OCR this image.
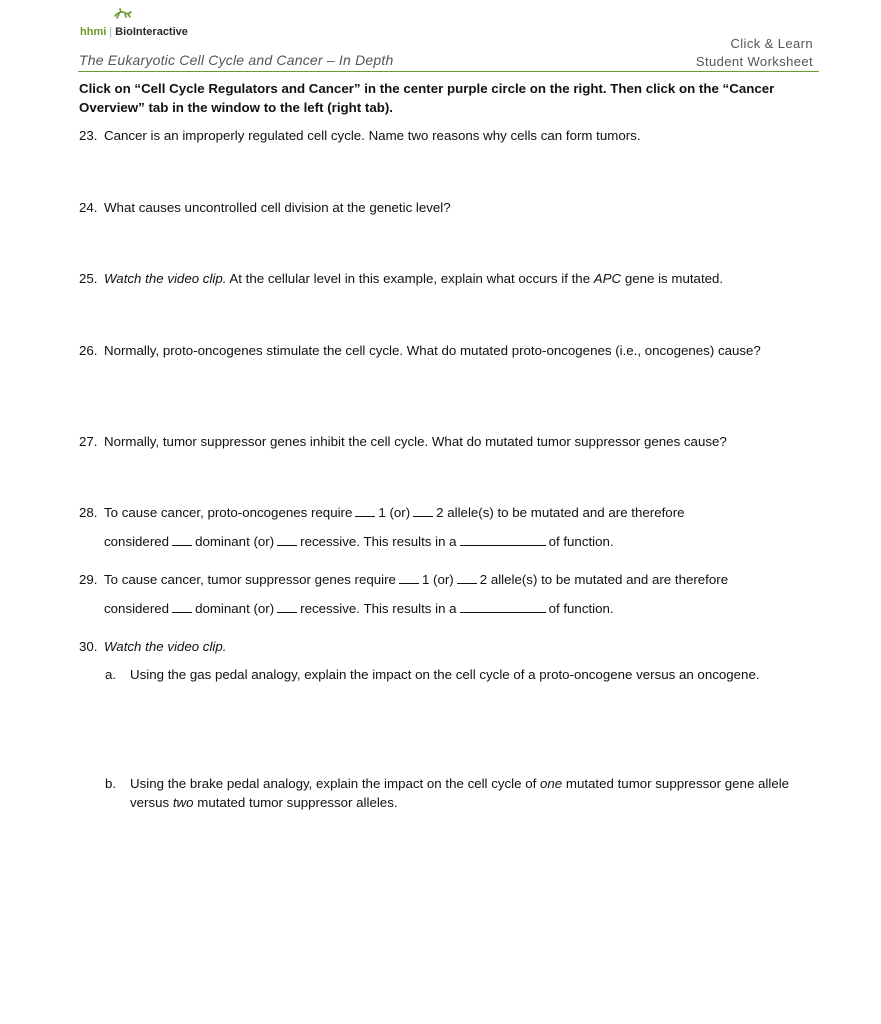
hhmi | BioInteractive
The Eukaryotic Cell Cycle and Cancer – In Depth
Click & Learn
Student Worksheet
Click on “Cell Cycle Regulators and Cancer” in the center purple circle on the right. Then click on the “Cancer Overview” tab in the window to the left (right tab).
23. Cancer is an improperly regulated cell cycle. Name two reasons why cells can form tumors.
24. What causes uncontrolled cell division at the genetic level?
25. Watch the video clip. At the cellular level in this example, explain what occurs if the APC gene is mutated.
26. Normally, proto-oncogenes stimulate the cell cycle. What do mutated proto-oncogenes (i.e., oncogenes) cause?
27. Normally, tumor suppressor genes inhibit the cell cycle. What do mutated tumor suppressor genes cause?
28. To cause cancer, proto-oncogenes require 1 (or) 2 allele(s) to be mutated and are therefore
considered dominant (or) recessive. This results in a	of function.
29. To cause cancer, tumor suppressor genes require 1 (or) 2 allele(s) to be mutated and are therefore
considered dominant (or) recessive. This results in a	of function.
30. Watch the video clip.
a. Using the gas pedal analogy, explain the impact on the cell cycle of a proto-oncogene versus an oncogene.
b. Using the brake pedal analogy, explain the impact on the cell cycle of one mutated tumor suppressor gene allele versus two mutated tumor suppressor alleles.
